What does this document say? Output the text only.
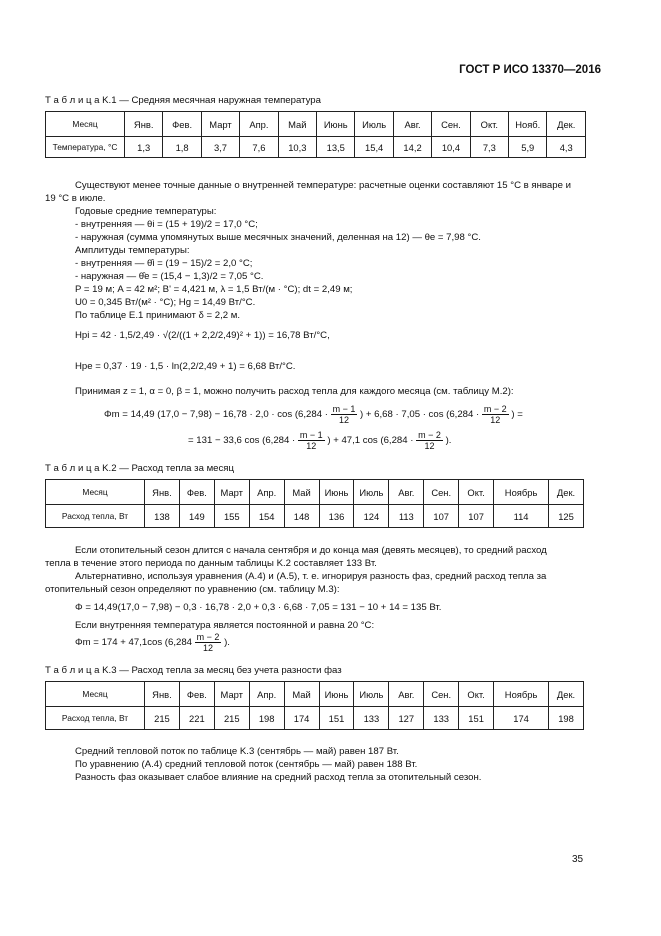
ГОСТ Р ИСО 13370—2016
Т а б л и ц а K.1 — Средняя месячная наружная температура
Месяц	Янв.	Фев.	Март	Апр.	Май	Июнь	Июль	Авг.	Сен.	Окт.	Нояб.	Дек.
Температура, °С	1,3	1,8	3,7	7,6	10,3	13,5	15,4	14,2	10,4	7,3	5,9	4,3
Существуют менее точные данные о внутренней температуре: расчетные оценки составляют 15 °С в январе и
19 °С в июле.
Годовые средние температуры:
- внутренняя — θi = (15 + 19)/2 = 17,0 °С;
- наружная (сумма упомянутых выше месячных значений, деленная на 12) — θe = 7,98 °С.
Амплитуды температуры:
- внутренняя — θ̂i = (19 − 15)/2 = 2,0 °С;
- наружная — θ̂e = (15,4 − 1,3)/2 = 7,05 °С.
P = 19 м; A = 42 м²; B' = 4,421 м, λ = 1,5 Вт/(м · °С); dt = 2,49 м;
U0 = 0,345 Вт/(м² · °С); Hg = 14,49 Вт/°С.
По таблице E.1 принимают δ = 2,2 м.
Hpi = 42 · 1,5/2,49 · √(2/((1 + 2,2/2,49)² + 1)) = 16,78 Вт/°С,
Hpe = 0,37 · 19 · 1,5 · ln(2,2/2,49 + 1) = 6,68 Вт/°С.
Принимая z = 1, α = 0, β = 1, можно получить расход тепла для каждого месяца (см. таблицу М.2):
Φm = 14,49 $(17,0 - 7,98) - 16,78 \cdot 2,0 \cdot \cos (6,284 \cdot \frac{m - 1}{12}$ ) + $6,68 \cdot 7,05 \cdot \cos (6,284 \cdot \frac{m - 2}{12}$ ) =
= 131 − 33,6 $\cos (6,284 \cdot \frac{m - 1}{12}$ ) + 47,1 $\cos (6,284 \cdot \frac{m - 2}{12}$ ).
Т а б л и ц а K.2 — Расход тепла за месяц
Месяц	Янв.	Фев.	Март	Апр.	Май	Июнь	Июль	Авг.	Сен.	Окт.	Ноябрь	Дек.
Расход тепла, Вт	138	149	155	154	148	136	124	113	107	107	114	125
Если отопительный сезон длится с начала сентября и до конца мая (девять месяцев), то средний расход
тепла в течение этого периода по данным таблицы K.2 составляет 133 Вт.
Альтернативно, используя уравнения (A.4) и (A.5), т. е. игнорируя разность фаз, средний расход тепла за
отопительный сезон определяют по уравнению (см. таблицу М.3):
Φ = 14,49(17,0 − 7,98) − 0,3 · 16,78 · 2,0 + 0,3 · 6,68 · 7,05 = 131 − 10 + 14 = 135 Вт.
Если внутренняя температура является постоянной и равна 20 °С:
Φm = 174 + 47,1cos ($6,284 \frac{m - 2}{12}$ ).
Т а б л и ц а K.3 — Расход тепла за месяц без учета разности фаз
Месяц	Янв.	Фев.	Март	Апр.	Май	Июнь	Июль	Авг.	Сен.	Окт.	Ноябрь	Дек.
Расход тепла, Вт	215	221	215	198	174	151	133	127	133	151	174	198
Средний тепловой поток по таблице K.3 (сентябрь — май) равен 187 Вт.
По уравнению (A.4) средний тепловой поток (сентябрь — май) равен 188 Вт.
Разность фаз оказывает слабое влияние на средний расход тепла за отопительный сезон.
35
